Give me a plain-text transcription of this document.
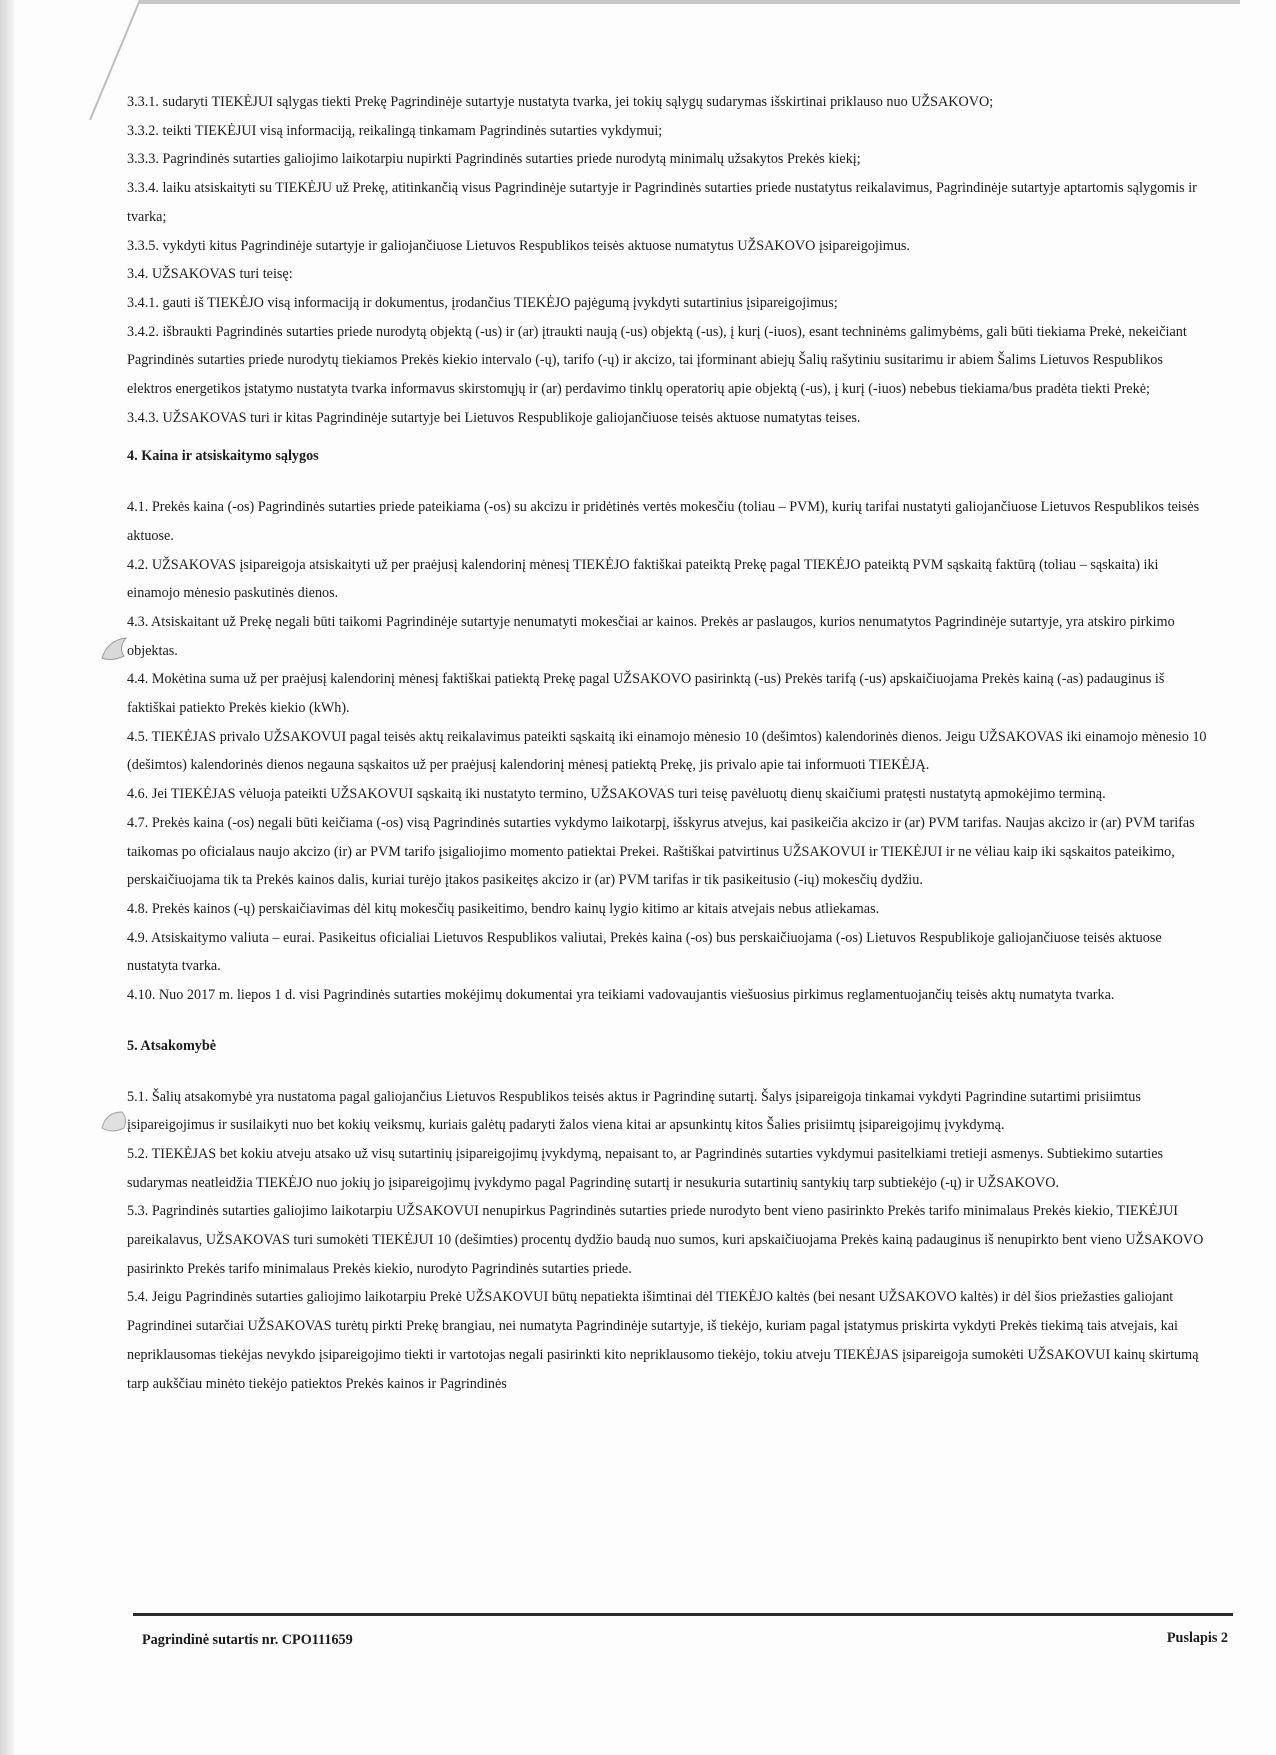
3.3.1. sudaryti TIEKĖJUI sąlygas tiekti Prekę Pagrindinėje sutartyje nustatyta tvarka, jei tokių sąlygų sudarymas išskirtinai priklauso nuo UŽSAKOVO;
3.3.2. teikti TIEKĖJUI visą informaciją, reikalingą tinkamam Pagrindinės sutarties vykdymui;
3.3.3. Pagrindinės sutarties galiojimo laikotarpiu nupirkti Pagrindinės sutarties priede nurodytą minimalų užsakytos Prekės kiekį;
3.3.4. laiku atsiskaityti su TIEKĖJU už Prekę, atitinkančią visus Pagrindinėje sutartyje ir Pagrindinės sutarties priede nustatytus reikalavimus, Pagrindinėje sutartyje aptartomis sąlygomis ir tvarka;
3.3.5. vykdyti kitus Pagrindinėje sutartyje ir galiojančiuose Lietuvos Respublikos teisės aktuose numatytus UŽSAKOVO įsipareigojimus.
3.4. UŽSAKOVAS turi teisę:
3.4.1. gauti iš TIEKĖJO visą informaciją ir dokumentus, įrodančius TIEKĖJO pajėgumą įvykdyti sutartinius įsipareigojimus;
3.4.2. išbraukti Pagrindinės sutarties priede nurodytą objektą (-us) ir (ar) įtraukti naują (-us) objektą (-us), į kurį (-iuos), esant techninėms galimybėms, gali būti tiekiama Prekė, nekeičiant Pagrindinės sutarties priede nurodytų tiekiamos Prekės kiekio intervalo (-ų), tarifo (-ų) ir akcizo, tai įforminant abiejų Šalių rašytiniu susitarimu ir abiem Šalims Lietuvos Respublikos elektros energetikos įstatymo nustatyta tvarka informavus skirstomųjų ir (ar) perdavimo tinklų operatorių apie objektą (-us), į kurį (-iuos) nebebus tiekiama/bus pradėta tiekti Prekė;
3.4.3. UŽSAKOVAS turi ir kitas Pagrindinėje sutartyje bei Lietuvos Respublikoje galiojančiuose teisės aktuose numatytas teises.
4. Kaina ir atsiskaitymo sąlygos
4.1. Prekės kaina (-os) Pagrindinės sutarties priede pateikiama (-os) su akcizu ir pridėtinės vertės mokesčiu (toliau – PVM), kurių tarifai nustatyti galiojančiuose Lietuvos Respublikos teisės aktuose.
4.2. UŽSAKOVAS įsipareigoja atsiskaityti už per praėjusį kalendorinį mėnesį TIEKĖJO faktiškai pateiktą Prekę pagal TIEKĖJO pateiktą PVM sąskaitą faktūrą (toliau – sąskaita) iki einamojo mėnesio paskutinės dienos.
4.3. Atsiskaitant už Prekę negali būti taikomi Pagrindinėje sutartyje nenumatyti mokesčiai ar kainos. Prekės ar paslaugos, kurios nenumatytos Pagrindinėje sutartyje, yra atskiro pirkimo objektas.
4.4. Mokėtina suma už per praėjusį kalendorinį mėnesį faktiškai patiektą Prekę pagal UŽSAKOVO pasirinktą (-us) Prekės tarifą (-us) apskaičiuojama Prekės kainą (-as) padauginus iš faktiškai patiekto Prekės kiekio (kWh).
4.5. TIEKĖJAS privalo UŽSAKOVUI pagal teisės aktų reikalavimus pateikti sąskaitą iki einamojo mėnesio 10 (dešimtos) kalendorinės dienos. Jeigu UŽSAKOVAS iki einamojo mėnesio 10 (dešimtos) kalendorinės dienos negauna sąskaitos už per praėjusį kalendorinį mėnesį patiektą Prekę, jis privalo apie tai informuoti TIEKĖJĄ.
4.6. Jei TIEKĖJAS vėluoja pateikti UŽSAKOVUI sąskaitą iki nustatyto termino, UŽSAKOVAS turi teisę pavėluotų dienų skaičiumi pratęsti nustatytą apmokėjimo terminą.
4.7. Prekės kaina (-os) negali būti keičiama (-os) visą Pagrindinės sutarties vykdymo laikotarpį, išskyrus atvejus, kai pasikeičia akcizo ir (ar) PVM tarifas. Naujas akcizo ir (ar) PVM tarifas taikomas po oficialaus naujo akcizo (ir) ar PVM tarifo įsigaliojimo momento patiektai Prekei. Raštiškai patvirtinus UŽSAKOVUI ir TIEKĖJUI ir ne vėliau kaip iki sąskaitos pateikimo, perskaičiuojama tik ta Prekės kainos dalis, kuriai turėjo įtakos pasikeitęs akcizo ir (ar) PVM tarifas ir tik pasikeitusio (-ių) mokesčių dydžiu.
4.8. Prekės kainos (-ų) perskaičiavimas dėl kitų mokesčių pasikeitimo, bendro kainų lygio kitimo ar kitais atvejais nebus atliekamas.
4.9. Atsiskaitymo valiuta – eurai. Pasikeitus oficialiai Lietuvos Respublikos valiutai, Prekės kaina (-os) bus perskaičiuojama (-os) Lietuvos Respublikoje galiojančiuose teisės aktuose nustatyta tvarka.
4.10. Nuo 2017 m. liepos 1 d. visi Pagrindinės sutarties mokėjimų dokumentai yra teikiami vadovaujantis viešuosius pirkimus reglamentuojančių teisės aktų numatyta tvarka.
5. Atsakomybė
5.1. Šalių atsakomybė yra nustatoma pagal galiojančius Lietuvos Respublikos teisės aktus ir Pagrindinę sutartį. Šalys įsipareigoja tinkamai vykdyti Pagrindine sutartimi prisiimtus įsipareigojimus ir susilaikyti nuo bet kokių veiksmų, kuriais galėtų padaryti žalos viena kitai ar apsunkintų kitos Šalies prisiimtų įsipareigojimų įvykdymą.
5.2. TIEKĖJAS bet kokiu atveju atsako už visų sutartinių įsipareigojimų įvykdymą, nepaisant to, ar Pagrindinės sutarties vykdymui pasitelkiami tretieji asmenys. Subtiekimo sutarties sudarymas neatleidžia TIEKĖJO nuo jokių jo įsipareigojimų įvykdymo pagal Pagrindinę sutartį ir nesukuria sutartinių santykių tarp subtiekėjo (-ų) ir UŽSAKOVO.
5.3. Pagrindinės sutarties galiojimo laikotarpiu UŽSAKOVUI nenupirkus Pagrindinės sutarties priede nurodyto bent vieno pasirinkto Prekės tarifo minimalaus Prekės kiekio, TIEKĖJUI pareikalavus, UŽSAKOVAS turi sumokėti TIEKĖJUI 10 (dešimties) procentų dydžio baudą nuo sumos, kuri apskaičiuojama Prekės kainą padauginus iš nenupirkto bent vieno UŽSAKOVO pasirinkto Prekės tarifo minimalaus Prekės kiekio, nurodyto Pagrindinės sutarties priede.
5.4. Jeigu Pagrindinės sutarties galiojimo laikotarpiu Prekė UŽSAKOVUI būtų nepatiekta išimtinai dėl TIEKĖJO kaltės (bei nesant UŽSAKOVO kaltės) ir dėl šios priežasties galiojant Pagrindinei sutarčiai UŽSAKOVAS turėtų pirkti Prekę brangiau, nei numatyta Pagrindinėje sutartyje, iš tiekėjo, kuriam pagal įstatymus priskirta vykdyti Prekės tiekimą tais atvejais, kai nepriklausomas tiekėjas nevykdo įsipareigojimo tiekti ir vartotojas negali pasirinkti kito nepriklausomo tiekėjo, tokiu atveju TIEKĖJAS įsipareigoja sumokėti UŽSAKOVUI kainų skirtumą tarp aukščiau minėto tiekėjo patiektos Prekės kainos ir Pagrindinės
Pagrindinė sutartis nr. CPO111659	Puslapis 2
